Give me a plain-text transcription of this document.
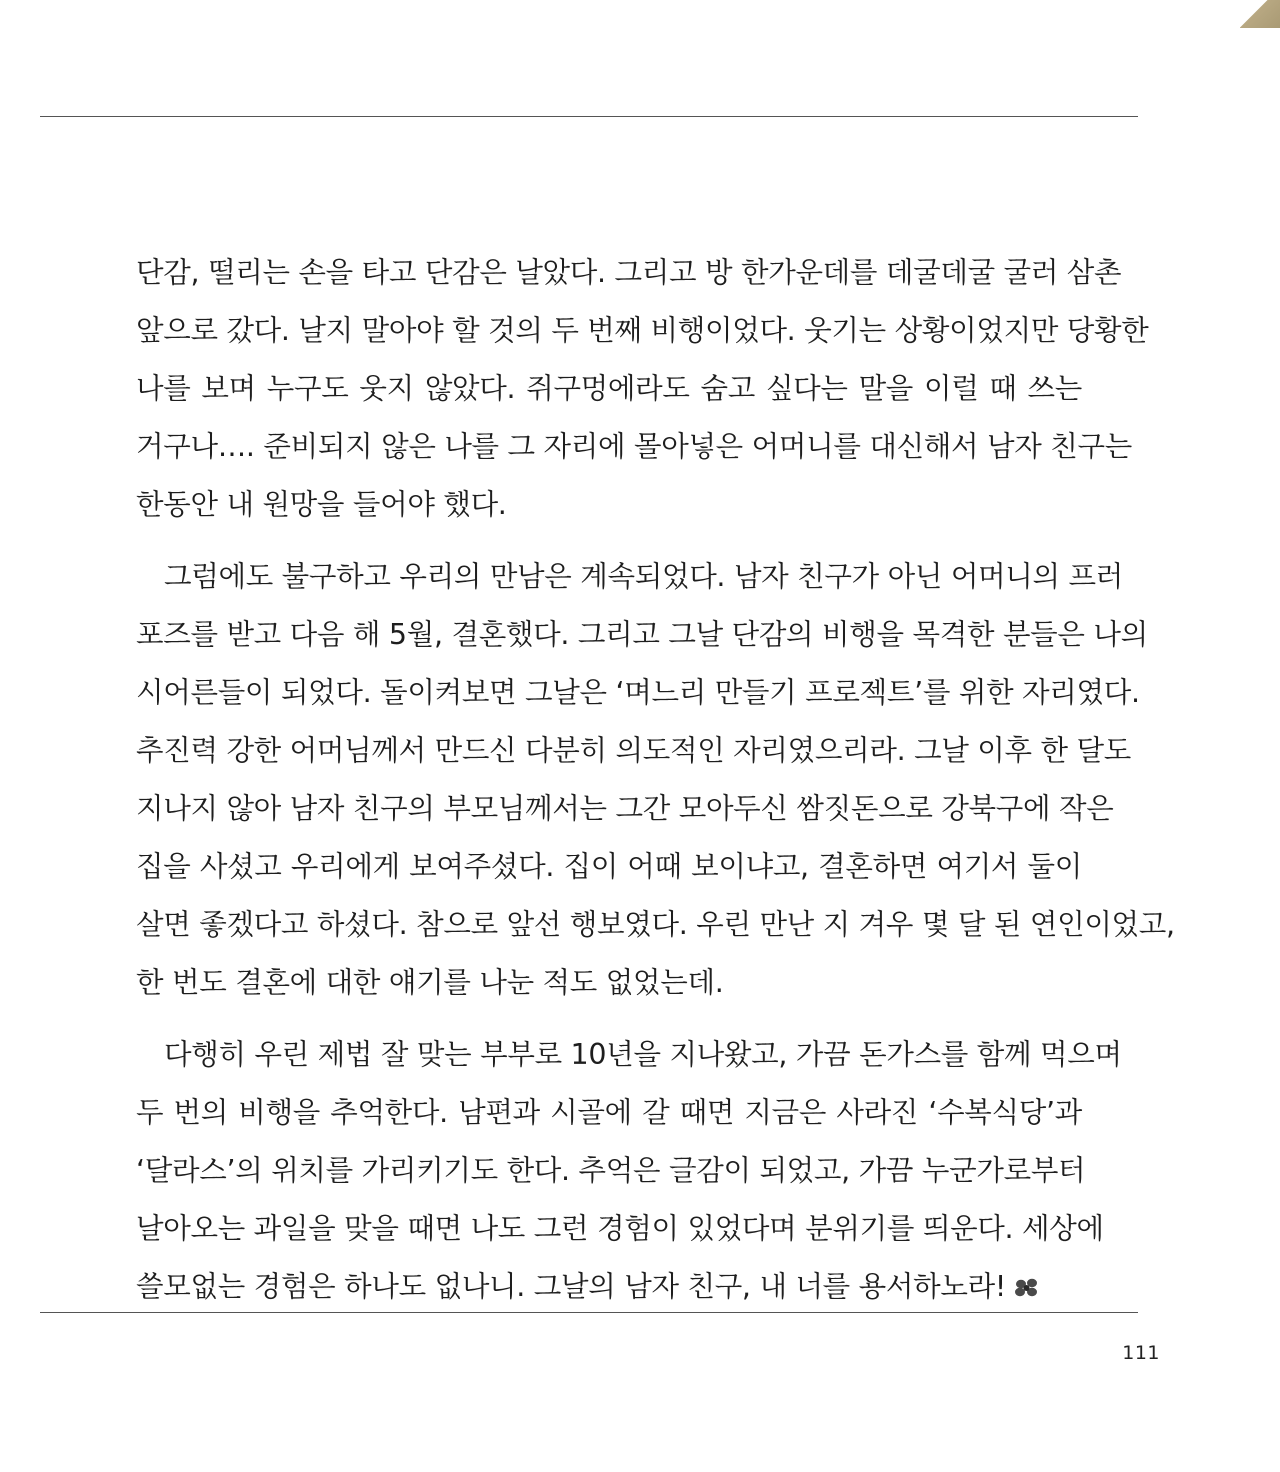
단감, 떨리는 손을 타고 단감은 날았다. 그리고 방 한가운데를 데굴데굴 굴러 삼촌
앞으로 갔다. 날지 말아야 할 것의 두 번째 비행이었다. 웃기는 상황이었지만 당황한
나를 보며 누구도 웃지 않았다. 쥐구멍에라도 숨고 싶다는 말을 이럴 때 쓰는
거구나…. 준비되지 않은 나를 그 자리에 몰아넣은 어머니를 대신해서 남자 친구는
한동안 내 원망을 들어야 했다.
그럼에도 불구하고 우리의 만남은 계속되었다. 남자 친구가 아닌 어머니의 프러
포즈를 받고 다음 해 5월, 결혼했다. 그리고 그날 단감의 비행을 목격한 분들은 나의
시어른들이 되었다. 돌이켜보면 그날은 ‘며느리 만들기 프로젝트’를 위한 자리였다.
추진력 강한 어머님께서 만드신 다분히 의도적인 자리였으리라. 그날 이후 한 달도
지나지 않아 남자 친구의 부모님께서는 그간 모아두신 쌈짓돈으로 강북구에 작은
집을 사셨고 우리에게 보여주셨다. 집이 어때 보이냐고, 결혼하면 여기서 둘이
살면 좋겠다고 하셨다. 참으로 앞선 행보였다. 우린 만난 지 겨우 몇 달 된 연인이었고,
한 번도 결혼에 대한 얘기를 나눈 적도 없었는데.
다행히 우린 제법 잘 맞는 부부로 10년을 지나왔고, 가끔 돈가스를 함께 먹으며
두 번의 비행을 추억한다. 남편과 시골에 갈 때면 지금은 사라진 ‘수복식당’과
‘달라스’의 위치를 가리키기도 한다. 추억은 글감이 되었고, 가끔 누군가로부터
날아오는 과일을 맞을 때면 나도 그런 경험이 있었다며 분위기를 띄운다. 세상에
쓸모없는 경험은 하나도 없나니. 그날의 남자 친구, 내 너를 용서하노라!
111
